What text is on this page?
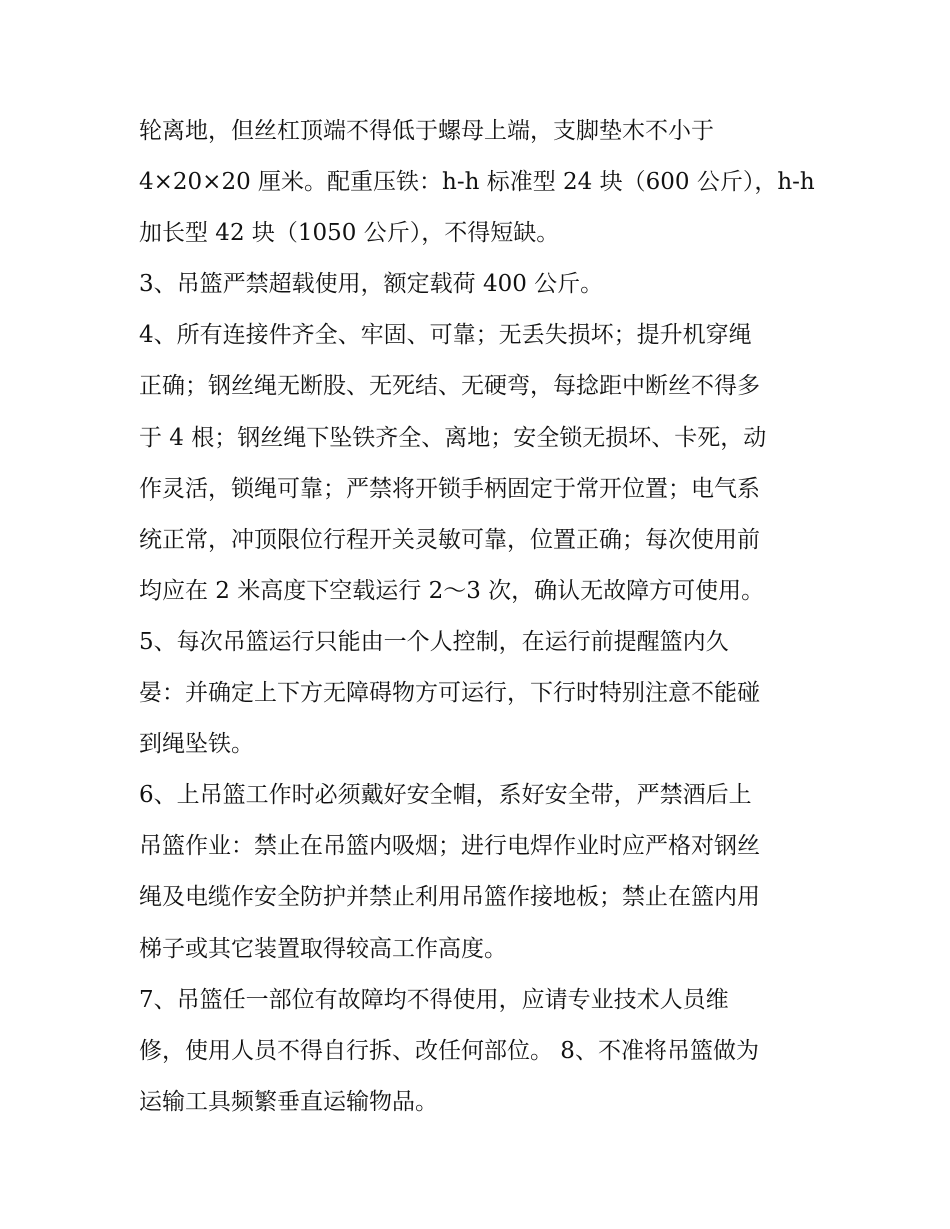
轮离地，但丝杠顶端不得低于螺母上端，支脚垫木不小于
4×20×20 厘米。配重压铁：h-h 标准型 24 块（600 公斤），h-h
加长型 42 块（1050 公斤），不得短缺。
3、吊篮严禁超载使用，额定载荷 400 公斤。
4、所有连接件齐全、牢固、可靠；无丢失损坏；提升机穿绳
正确；钢丝绳无断股、无死结、无硬弯，每捻距中断丝不得多
于 4 根；钢丝绳下坠铁齐全、离地；安全锁无损坏、卡死，动
作灵活，锁绳可靠；严禁将开锁手柄固定于常开位置；电气系
统正常，冲顶限位行程开关灵敏可靠，位置正确；每次使用前
均应在 2 米高度下空载运行 2～3 次，确认无故障方可使用。
5、每次吊篮运行只能由一个人控制，在运行前提醒篮内久
晏：并确定上下方无障碍物方可运行，下行时特别注意不能碰
到绳坠铁。
6、上吊篮工作时必须戴好安全帽，系好安全带，严禁酒后上
吊篮作业：禁止在吊篮内吸烟；进行电焊作业时应严格对钢丝
绳及电缆作安全防护并禁止利用吊篮作接地板；禁止在篮内用
梯子或其它装置取得较高工作高度。
7、吊篮任一部位有故障均不得使用，应请专业技术人员维
修，使用人员不得自行拆、改任何部位。 8、不准将吊篮做为
运输工具频繁垂直运输物品。
